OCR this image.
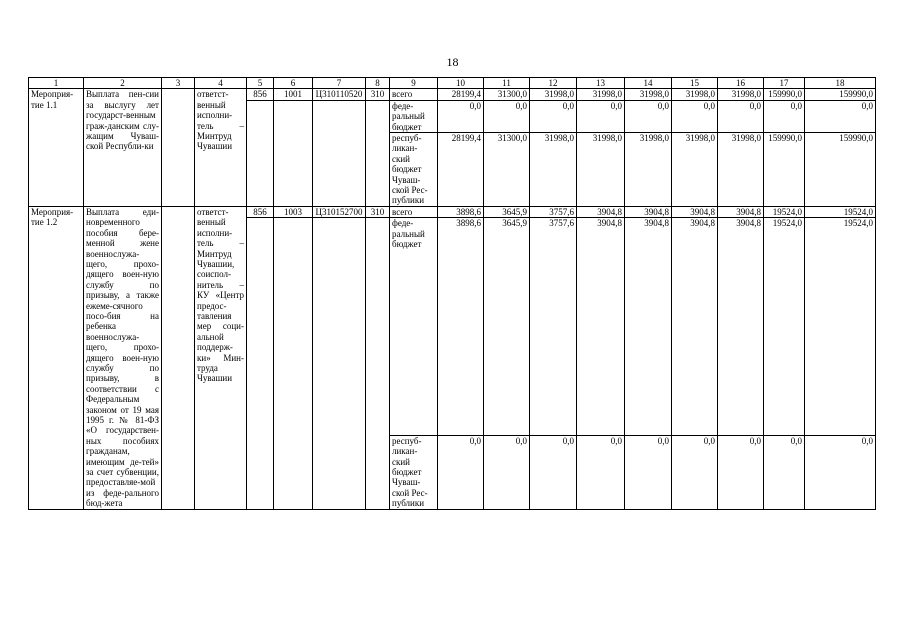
18
1	2	3	4	5	6	7	8	9	10	11	12	13	14	15	16	17	18
Мероприя-тие 1.1	Выплата пен-сии за выслугу лет государст-венным граж-данским слу-жащим Чуваш-ской Республи-ки		ответст-венный исполни-тель – Минтруд Чувашии	856	1001	Ц310110520	310	всего	28199,4	31300,0	31998,0	31998,0	31998,0	31998,0	31998,0	159990,0	159990,0
								феде-ральный бюджет	0,0	0,0	0,0	0,0	0,0	0,0	0,0	0,0	0,0
								респуб-ликан-ский бюджет Чуваш-ской Рес-публики	28199,4	31300,0	31998,0	31998,0	31998,0	31998,0	31998,0	159990,0	159990,0
Мероприя-тие 1.2	Выплата еди-новременного пособия бере-менной жене военнослужа-щего, прохо-дящего воен-ную службу по призыву, а также ежеме-сячного посо-бия на ребенка военнослужа-щего, прохо-дящего воен-ную службу по призыву, в соответствии с Федеральным законом от 19 мая 1995 г. № 81-ФЗ «О государствен-ных пособиях гражданам, имеющим де-тей» за счет субвенции, предоставляе-мой из феде-рального бюд-жета		ответст-венный исполни-тель – Минтруд Чувашии, соиспол-нитель – КУ «Центр предос-тавления мер соци-альной поддерж-ки» Мин-труда Чувашии	856	1003	Ц310152700	310	всего	3898,6	3645,9	3757,6	3904,8	3904,8	3904,8	3904,8	19524,0	19524,0
								феде-ральный бюджет	3898,6	3645,9	3757,6	3904,8	3904,8	3904,8	3904,8	19524,0	19524,0
								респуб-ликан-ский бюджет Чуваш-ской Рес-публики	0,0	0,0	0,0	0,0	0,0	0,0	0,0	0,0	0,0
